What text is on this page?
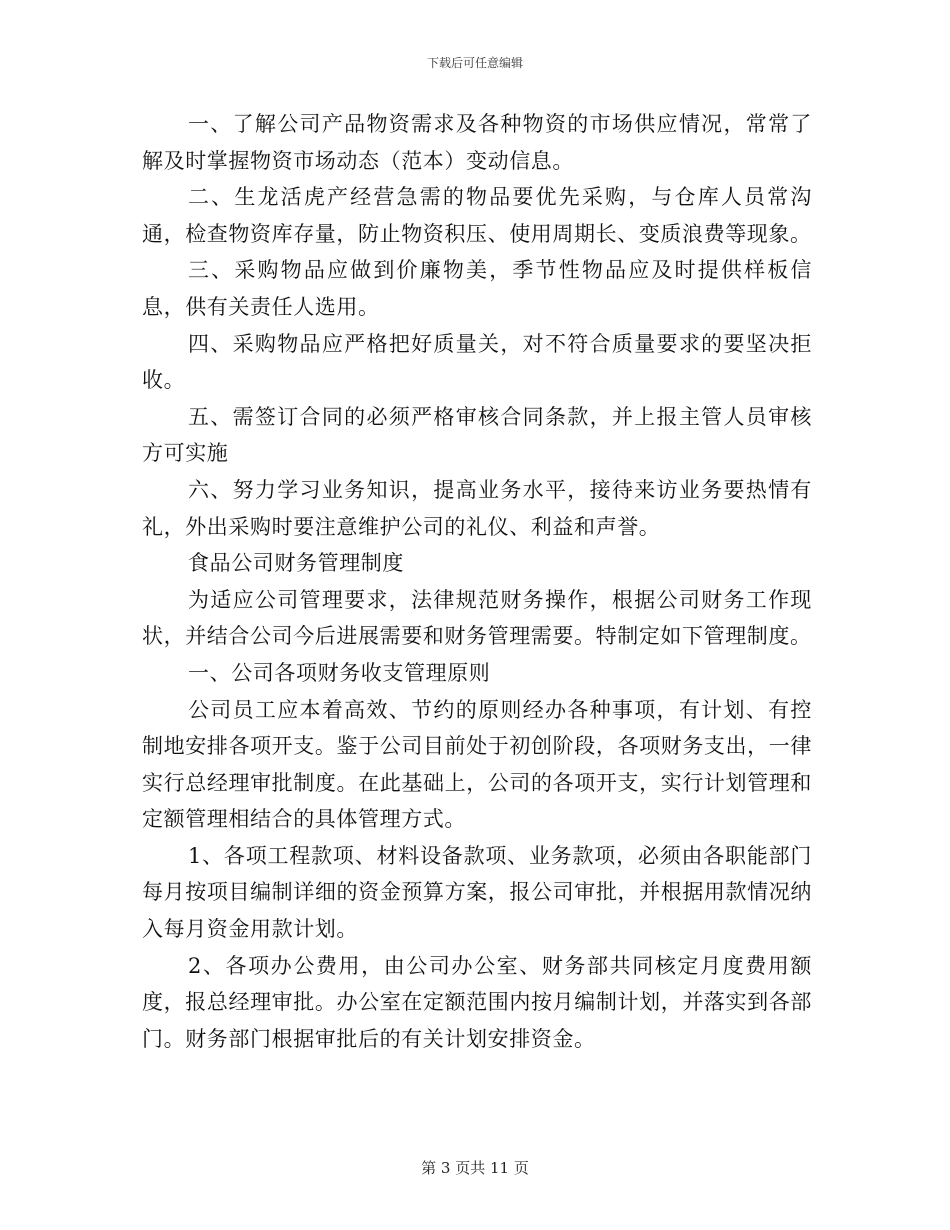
下载后可任意编辑

一、了解公司产品物资需求及各种物资的市场供应情况，常常了解及时掌握物资市场动态（范本）变动信息。

二、生龙活虎产经营急需的物品要优先采购，与仓库人员常沟通，检查物资库存量，防止物资积压、使用周期长、变质浪费等现象。

三、采购物品应做到价廉物美，季节性物品应及时提供样板信息，供有关责任人选用。

四、采购物品应严格把好质量关，对不符合质量要求的要坚决拒收。

五、需签订合同的必须严格审核合同条款，并上报主管人员审核方可实施

六、努力学习业务知识，提高业务水平，接待来访业务要热情有礼，外出采购时要注意维护公司的礼仪、利益和声誉。

食品公司财务管理制度

为适应公司管理要求，法律规范财务操作，根据公司财务工作现状，并结合公司今后进展需要和财务管理需要。特制定如下管理制度。

一、公司各项财务收支管理原则

公司员工应本着高效、节约的原则经办各种事项，有计划、有控制地安排各项开支。鉴于公司目前处于初创阶段，各项财务支出，一律实行总经理审批制度。在此基础上，公司的各项开支，实行计划管理和定额管理相结合的具体管理方式。

1、各项工程款项、材料设备款项、业务款项，必须由各职能部门每月按项目编制详细的资金预算方案，报公司审批，并根据用款情况纳入每月资金用款计划。

2、各项办公费用，由公司办公室、财务部共同核定月度费用额度，报总经理审批。办公室在定额范围内按月编制计划，并落实到各部门。财务部门根据审批后的有关计划安排资金。

第 3 页共 11 页
